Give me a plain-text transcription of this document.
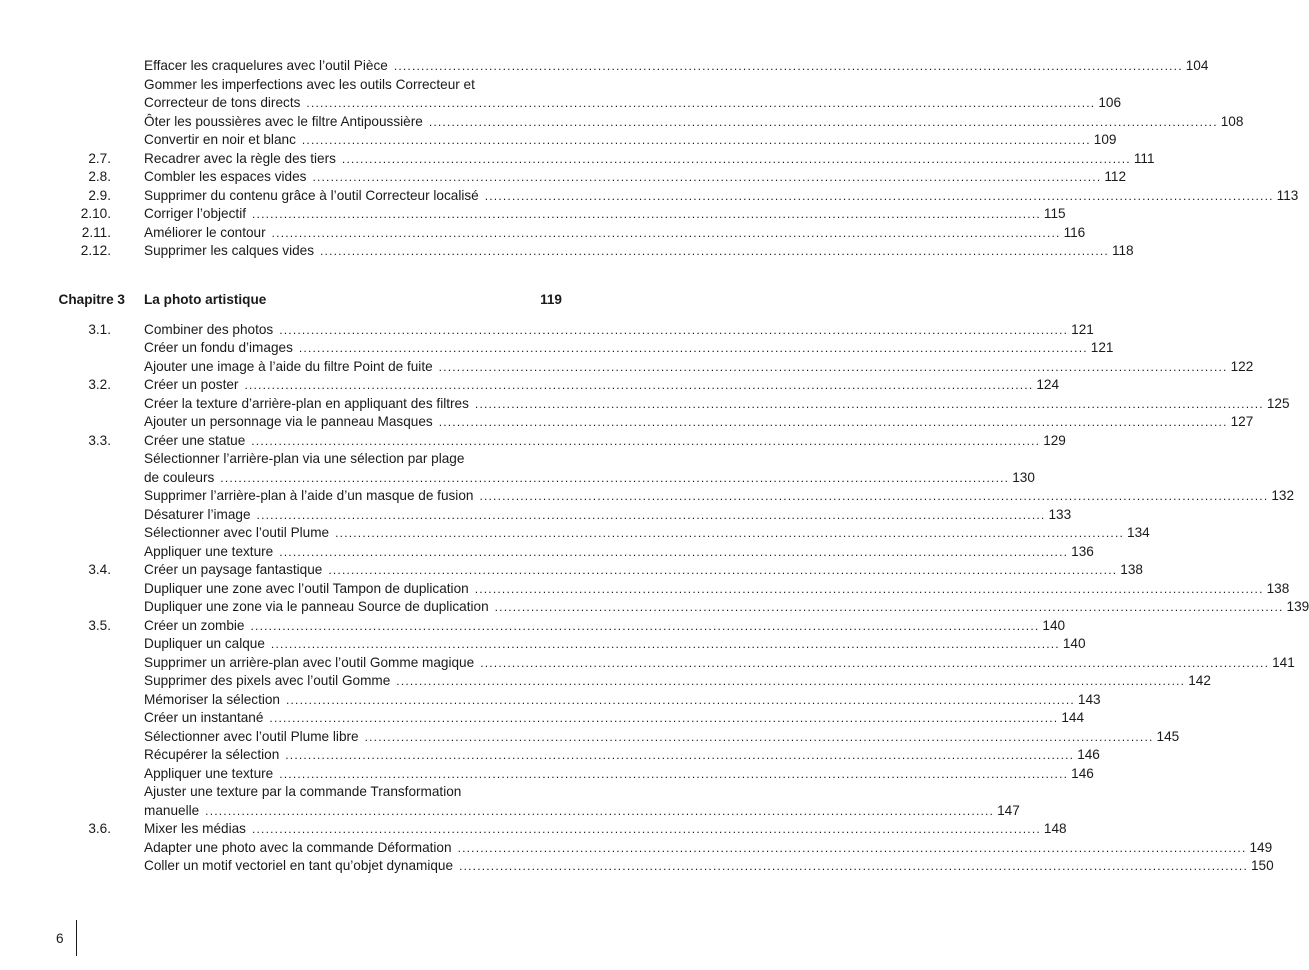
Effacer les craquelures avec l’outil Pièce .............................................................................................................................................................................. 104
Gommer les imperfections avec les outils Correcteur et
Correcteur de tons directs .............................................................................................................................................................................. 106
Ôter les poussières avec le filtre Antipoussière .............................................................................................................................................................................. 108
Convertir en noir et blanc .............................................................................................................................................................................. 109
2.7. Recadrer avec la règle des tiers .............................................................................................................................................................................. 111
2.8. Combler les espaces vides .............................................................................................................................................................................. 112
2.9. Supprimer du contenu grâce à l’outil Correcteur localisé .............................................................................................................................................................................. 113
2.10. Corriger l’objectif .............................................................................................................................................................................. 115
2.11. Améliorer le contour .............................................................................................................................................................................. 116
2.12. Supprimer les calques vides .............................................................................................................................................................................. 118
Chapitre 3 La photo artistique	119
3.1. Combiner des photos .............................................................................................................................................................................. 121
Créer un fondu d’images .............................................................................................................................................................................. 121
Ajouter une image à l’aide du filtre Point de fuite .............................................................................................................................................................................. 122
3.2. Créer un poster .............................................................................................................................................................................. 124
Créer la texture d’arrière-plan en appliquant des filtres .............................................................................................................................................................................. 125
Ajouter un personnage via le panneau Masques .............................................................................................................................................................................. 127
3.3. Créer une statue .............................................................................................................................................................................. 129
Sélectionner l’arrière-plan via une sélection par plage
de couleurs .............................................................................................................................................................................. 130
Supprimer l’arrière-plan à l’aide d’un masque de fusion .............................................................................................................................................................................. 132
Désaturer l’image .............................................................................................................................................................................. 133
Sélectionner avec l’outil Plume .............................................................................................................................................................................. 134
Appliquer une texture .............................................................................................................................................................................. 136
3.4. Créer un paysage fantastique .............................................................................................................................................................................. 138
Dupliquer une zone avec l’outil Tampon de duplication .............................................................................................................................................................................. 138
Dupliquer une zone via le panneau Source de duplication .............................................................................................................................................................................. 139
3.5. Créer un zombie .............................................................................................................................................................................. 140
Dupliquer un calque .............................................................................................................................................................................. 140
Supprimer un arrière-plan avec l’outil Gomme magique .............................................................................................................................................................................. 141
Supprimer des pixels avec l’outil Gomme .............................................................................................................................................................................. 142
Mémoriser la sélection .............................................................................................................................................................................. 143
Créer un instantané .............................................................................................................................................................................. 144
Sélectionner avec l’outil Plume libre .............................................................................................................................................................................. 145
Récupérer la sélection .............................................................................................................................................................................. 146
Appliquer une texture .............................................................................................................................................................................. 146
Ajuster une texture par la commande Transformation
manuelle .............................................................................................................................................................................. 147
3.6. Mixer les médias .............................................................................................................................................................................. 148
Adapter une photo avec la commande Déformation .............................................................................................................................................................................. 149
Coller un motif vectoriel en tant qu’objet dynamique .............................................................................................................................................................................. 150
6
